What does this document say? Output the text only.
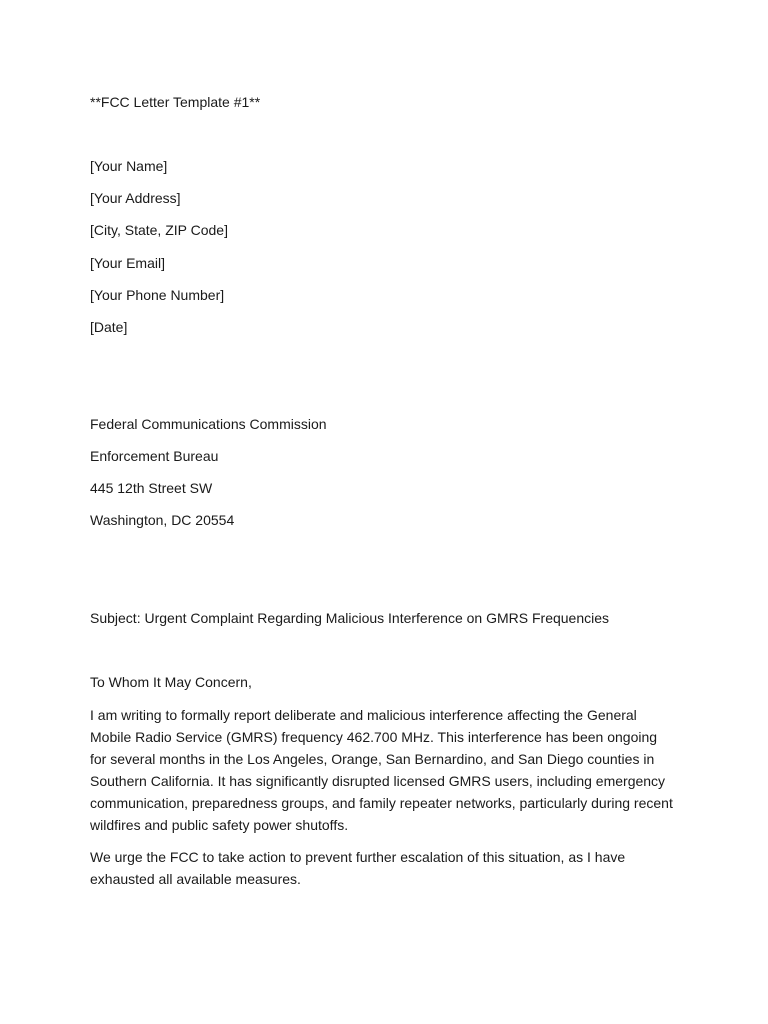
**FCC Letter Template #1**

[Your Name]

[Your Address]

[City, State, ZIP Code]

[Your Email]

[Your Phone Number]

[Date]

Federal Communications Commission

Enforcement Bureau

445 12th Street SW

Washington, DC 20554

Subject: Urgent Complaint Regarding Malicious Interference on GMRS Frequencies

To Whom It May Concern,

I am writing to formally report deliberate and malicious interference affecting the General Mobile Radio Service (GMRS) frequency 462.700 MHz. This interference has been ongoing for several months in the Los Angeles, Orange, San Bernardino, and San Diego counties in Southern California. It has significantly disrupted licensed GMRS users, including emergency communication, preparedness groups, and family repeater networks, particularly during recent wildfires and public safety power shutoffs.

We urge the FCC to take action to prevent further escalation of this situation, as I have exhausted all available measures.
